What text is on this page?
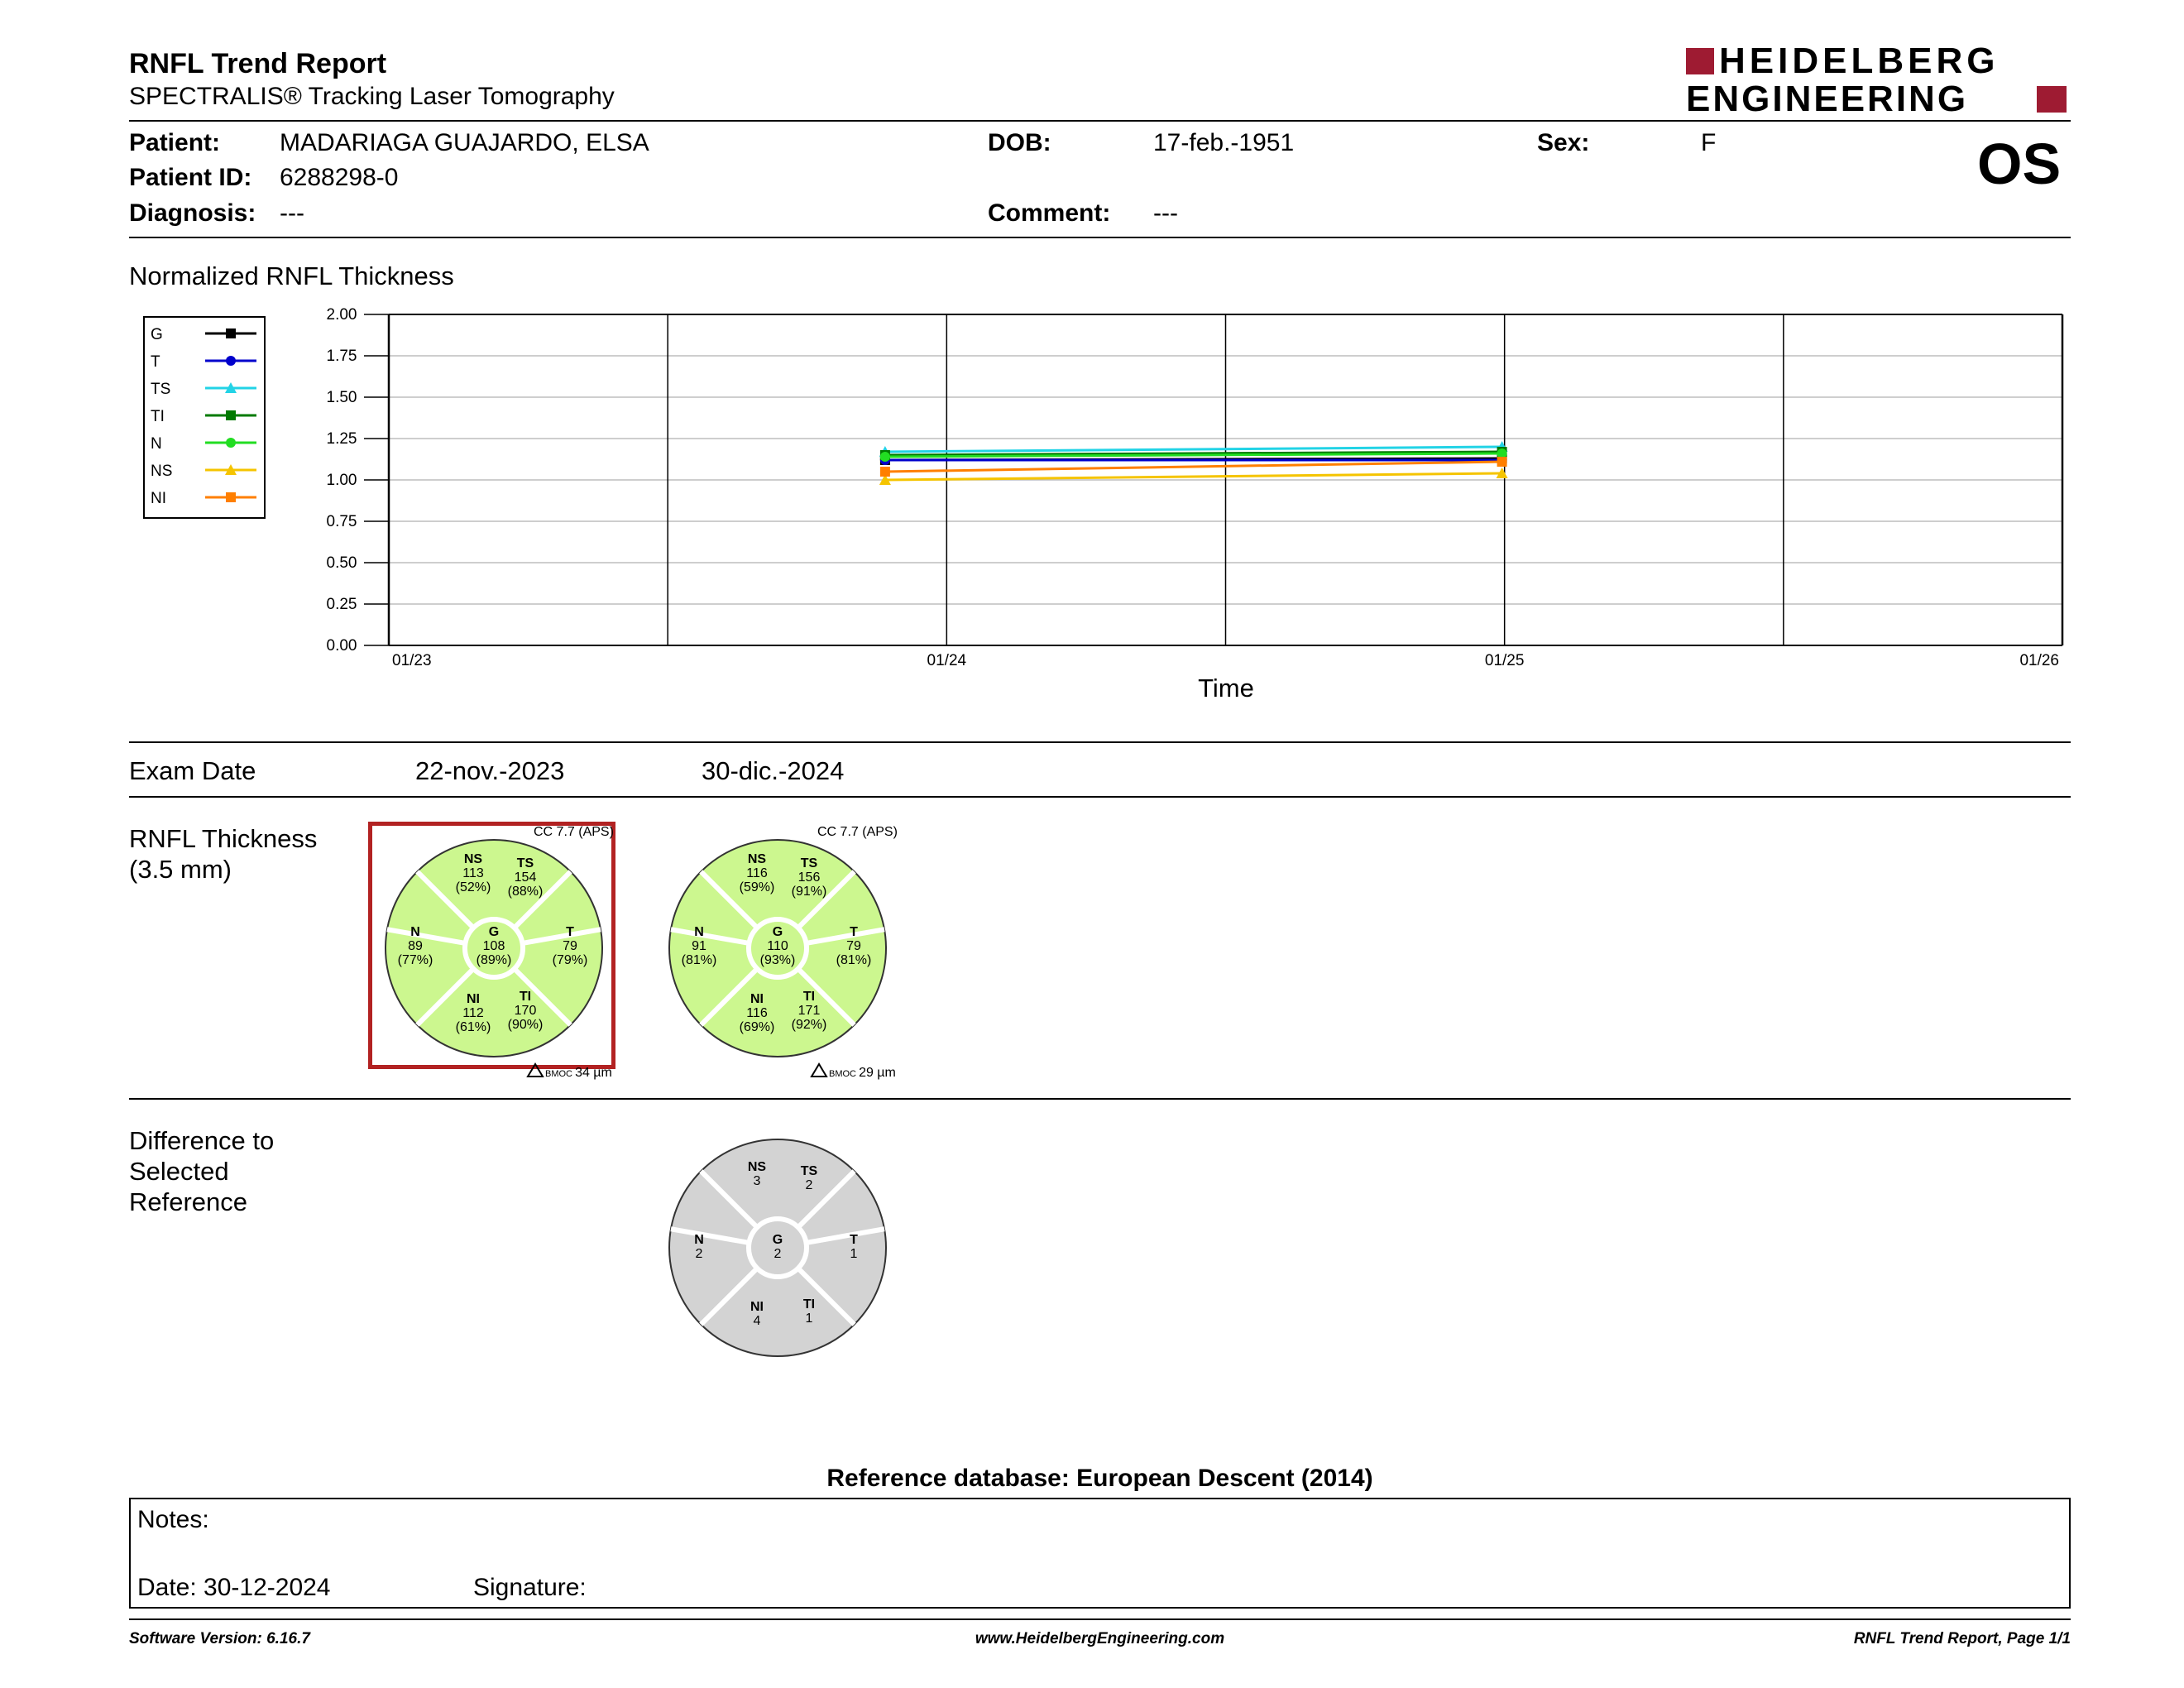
RNFL Trend Report
SPECTRALIS® Tracking Laser Tomography
HEIDELBERG
ENGINEERING
Patient: MADARIAGA GUAJARDO, ELSA
Patient ID: 6288298-0
Diagnosis: ---
DOB:	17-feb.-1951
Comment: ---
Sex:	F	OS
Normalized RNFL Thickness
G
T
TS
TI
N
NS
NI
0.00
0.25
0.50
0.75
1.00
1.25
1.50
1.75
2.00
01/23	01/24	01/25	01/26
Time
Exam Date	22-nov.-2023	30-dic.-2024
RNFL Thickness
(3.5 mm)	NS
113
(52%)
TS
154
(88%)
N
89
(77%)
G
108
(89%)
T
79
(79%)
NI
112
(61%)
TI
170
(90%)
CC 7.7 (APS)
BMOC 34 µm
NS
116
(59%)
TS
156
(91%)
N
91
(81%)
G
110
(93%)
T
79
(81%)
NI
116
(69%)
TI
171
(92%)
CC 7.7 (APS)
BMOC 29 µm
NS
3
TS
2
N
2
G
2
T
1
NI
4
TI
1
Difference to
Selected
Reference
Reference database: European Descent (2014)
Notes:
Date: 30-12-2024	Signature:
Software Version: 6.16.7	www.HeidelbergEngineering.com	RNFL Trend Report, Page 1/1
